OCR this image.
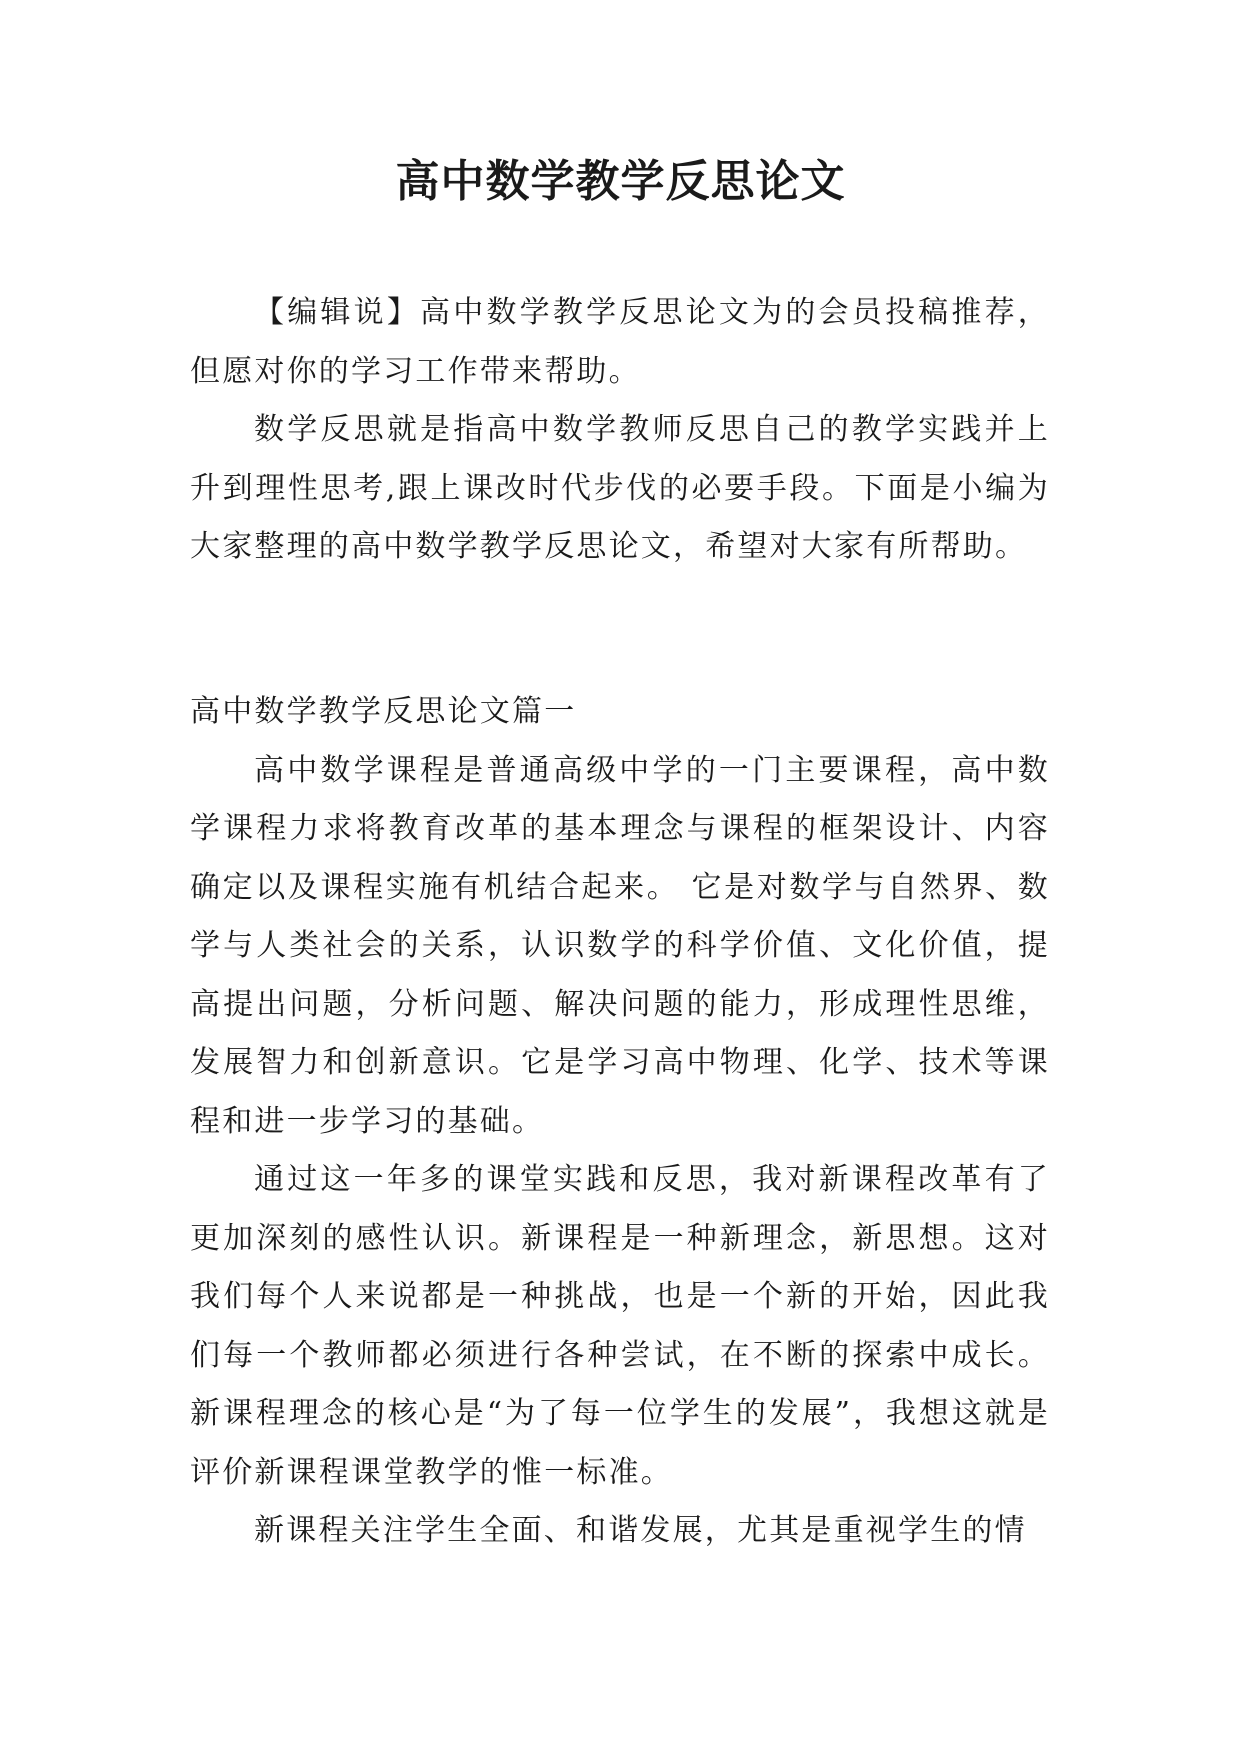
高中数学教学反思论文

【编辑说】高中数学教学反思论文为的会员投稿推荐，但愿对你的学习工作带来帮助。

数学反思就是指高中数学教师反思自己的教学实践并上升到理性思考,跟上课改时代步伐的必要手段。下面是小编为大家整理的高中数学教学反思论文，希望对大家有所帮助。

高中数学教学反思论文篇一

高中数学课程是普通高级中学的一门主要课程，高中数学课程力求将教育改革的基本理念与课程的框架设计、内容确定以及课程实施有机结合起来。 它是对数学与自然界、数学与人类社会的关系，认识数学的科学价值、文化价值，提高提出问题，分析问题、解决问题的能力，形成理性思维，发展智力和创新意识。它是学习高中物理、化学、技术等课程和进一步学习的基础。

通过这一年多的课堂实践和反思，我对新课程改革有了更加深刻的感性认识。新课程是一种新理念，新思想。这对我们每个人来说都是一种挑战，也是一个新的开始，因此我们每一个教师都必须进行各种尝试，在不断的探索中成长。新课程理念的核心是“为了每一位学生的发展”，我想这就是评价新课程课堂教学的惟一标准。

新课程关注学生全面、和谐发展，尤其是重视学生的情
